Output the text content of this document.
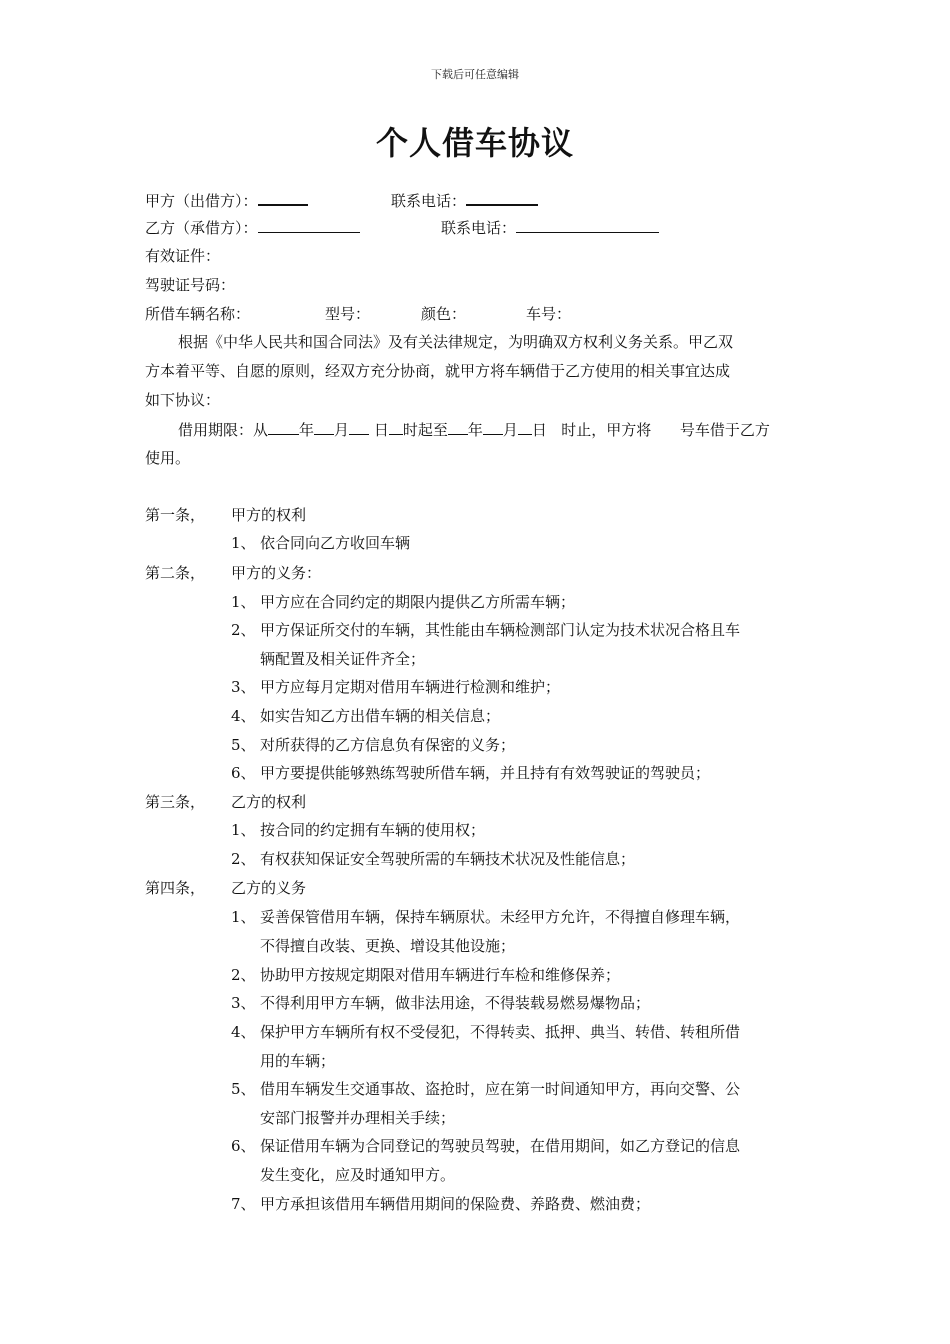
下载后可任意编辑
个人借车协议
甲方（出借方）：	联系电话：
乙方（承借方）：	联系电话：
有效证件：
驾驶证号码：
所借车辆名称：	型号：	颜色：	车号：
根据《中华人民共和国合同法》及有关法律规定，为明确双方权利义务关系。甲乙双
方本着平等、自愿的原则，经双方充分协商，就甲方将车辆借于乙方使用的相关事宜达成
如下协议：
借用期限：从 年 月 日 时起至 年 月 日 时止，甲方将 号车借于乙方
使用。
第一条， 甲方的权利
1、 依合同向乙方收回车辆
第二条， 甲方的义务：
1、 甲方应在合同约定的期限内提供乙方所需车辆；
2、 甲方保证所交付的车辆，其性能由车辆检测部门认定为技术状况合格且车
辆配置及相关证件齐全；
3、 甲方应每月定期对借用车辆进行检测和维护；
4、 如实告知乙方出借车辆的相关信息；
5、 对所获得的乙方信息负有保密的义务；
6、 甲方要提供能够熟练驾驶所借车辆，并且持有有效驾驶证的驾驶员；
第三条， 乙方的权利
1、 按合同的约定拥有车辆的使用权；
2、 有权获知保证安全驾驶所需的车辆技术状况及性能信息；
第四条， 乙方的义务
1、 妥善保管借用车辆，保持车辆原状。未经甲方允许，不得擅自修理车辆，
不得擅自改装、更换、增设其他设施；
2、 协助甲方按规定期限对借用车辆进行车检和维修保养；
3、 不得利用甲方车辆，做非法用途，不得装载易燃易爆物品；
4、 保护甲方车辆所有权不受侵犯，不得转卖、抵押、典当、转借、转租所借
用的车辆；
5、 借用车辆发生交通事故、盗抢时，应在第一时间通知甲方，再向交警、公
安部门报警并办理相关手续；
6、 保证借用车辆为合同登记的驾驶员驾驶，在借用期间，如乙方登记的信息
发生变化，应及时通知甲方。
7、 甲方承担该借用车辆借用期间的保险费、养路费、燃油费；
